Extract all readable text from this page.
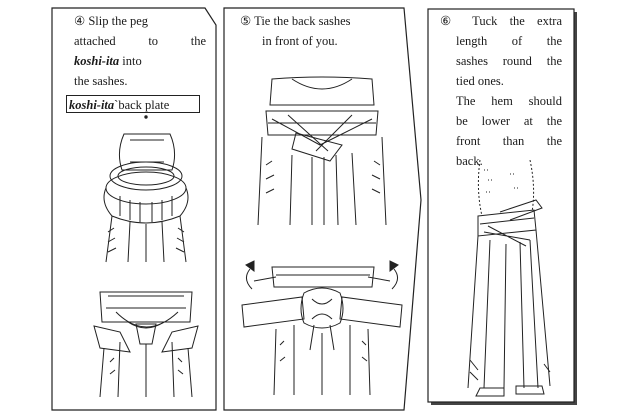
④ Slip the peg
attached	to	the
koshi-ita into
the sashes.
koshi-ita`back plate
⑤ Tie the back sashes
in front of you.
⑥ Tuck the extra
length of the
sashes round the
tied ones.
The hem should
be lower at the
front than the
back.
